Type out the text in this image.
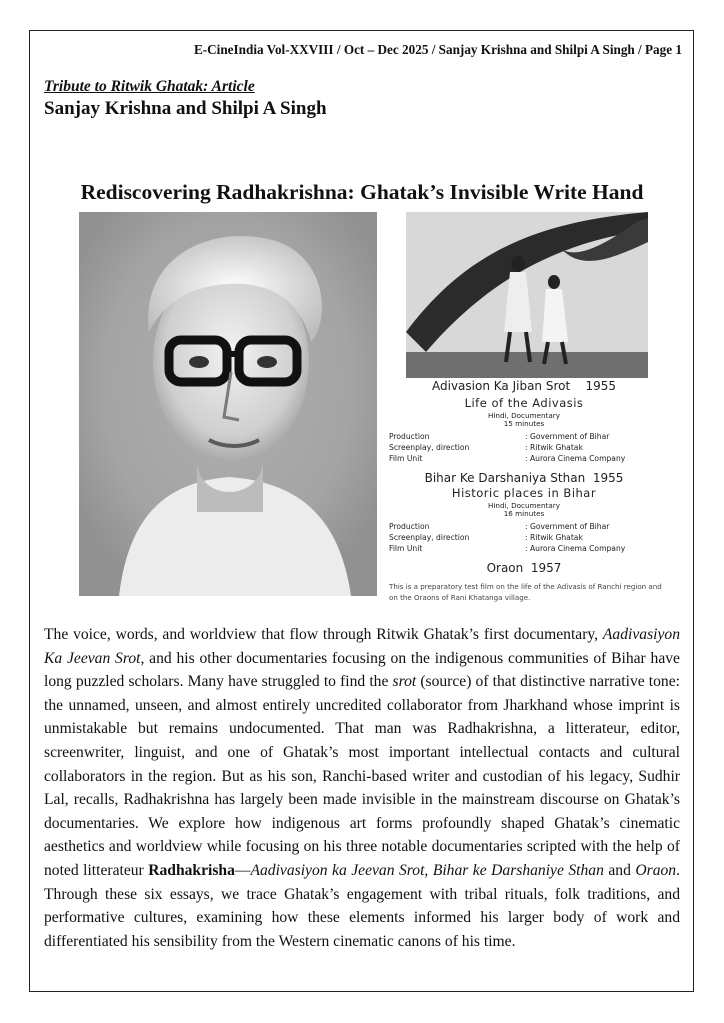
E-CineIndia Vol-XXVIII / Oct – Dec 2025 / Sanjay Krishna and Shilpi A Singh / Page 1
Tribute to Ritwik Ghatak: Article
Sanjay Krishna and Shilpi A Singh
Rediscovering Radhakrishna: Ghatak’s Invisible Write Hand
Adivasion Ka Jiban Srot 1955
Life of the Adivasis
Hindi, Documentary
15 minutes
Production	: Government of Bihar
Screenplay, direction	: Ritwik Ghatak
Film Unit	: Aurora Cinema Company
Bihar Ke Darshaniya Sthan 1955
Historic places in Bihar
Hindi, Documentary
16 minutes
Production	: Government of Bihar
Screenplay, direction	: Ritwik Ghatak
Film Unit	: Aurora Cinema Company
Oraon 1957
This is a preparatory test film on the life of the Adivasis of Ranchi region and on the Oraons of Rani Khatanga village.

The voice, words, and worldview that flow through Ritwik Ghatak’s first documentary, Aadivasiyon Ka Jeevan Srot, and his other documentaries focusing on the indigenous communities of Bihar have long puzzled scholars. Many have struggled to find the srot (source) of that distinctive narrative tone: the unnamed, unseen, and almost entirely uncredited collaborator from Jharkhand whose imprint is unmistakable but remains undocumented. That man was Radhakrishna, a litterateur, editor, screenwriter, linguist, and one of Ghatak’s most important intellectual contacts and cultural collaborators in the region. But as his son, Ranchi-based writer and custodian of his legacy, Sudhir Lal, recalls, Radhakrishna has largely been made invisible in the mainstream discourse on Ghatak’s documentaries. We explore how indigenous art forms profoundly shaped Ghatak’s cinematic aesthetics and worldview while focusing on his three notable documentaries scripted with the help of noted litterateur Radhakrisha—Aadivasiyon ka Jeevan Srot, Bihar ke Darshaniye Sthan and Oraon. Through these six essays, we trace Ghatak’s engagement with tribal rituals, folk traditions, and performative cultures, examining how these elements informed his larger body of work and differentiated his sensibility from the Western cinematic canons of his time.
